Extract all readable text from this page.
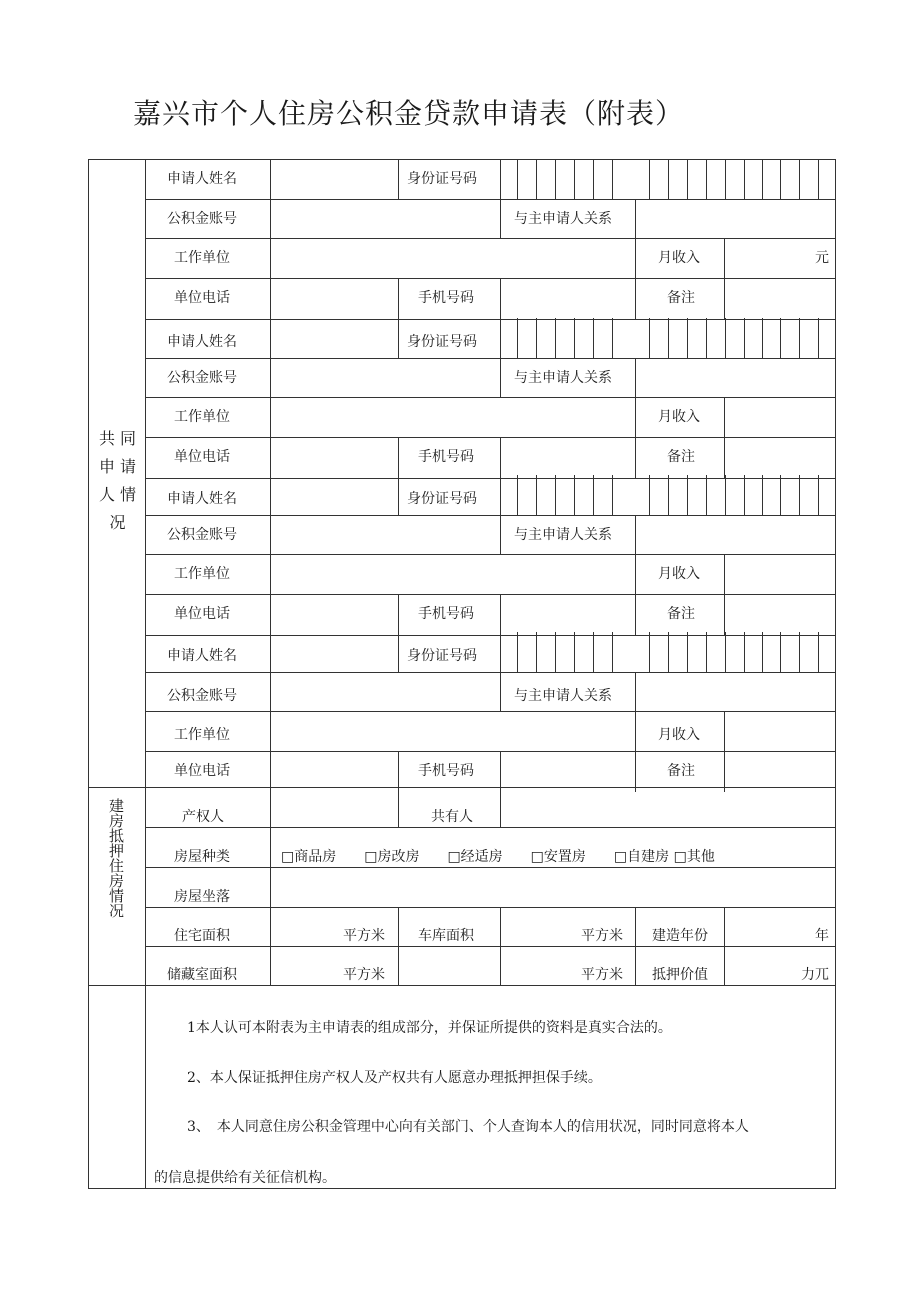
嘉兴市个人住房公积金贷款申请表（附表）
共 同
申 请
人 情
况
建房抵押住房情况
申请人姓名	身份证号码
公积金账号	与主申请人关系
工作单位	月收入	元
单位电话	手机号码	备注
申请人姓名	身份证号码
公积金账号	与主申请人关系
工作单位	月收入
单位电话	手机号码	备注
申请人姓名	身份证号码
公积金账号	与主申请人关系
工作单位	月收入
单位电话	手机号码	备注
申请人姓名	身份证号码
公积金账号	与主申请人关系
工作单位	月收入
单位电话	手机号码	备注
产权人	共有人
房屋种类	□商品房　　□房改房　　□经适房　　□安置房　　□自建房 □其他
房屋坐落
住宅面积	平方米 车库面积	平方米 建造年份	年
储藏室面积	平方米	平方米 抵押价值	力兀
1本人认可本附表为主申请表的组成部分，并保证所提供的资料是真实合法的。
2、本人保证抵押住房产权人及产权共有人愿意办理抵押担保手续。
3、　本人同意住房公积金管理中心向有关部门、个人查询本人的信用状况，同时同意将本人
的信息提供给有关征信机构。
